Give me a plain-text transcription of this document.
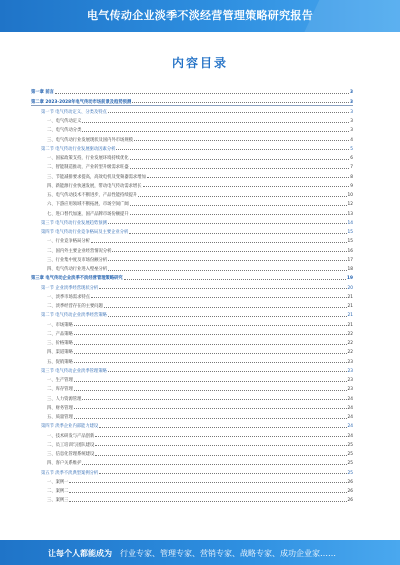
电气传动企业淡季不淡经营管理策略研究报告
内容目录
第一章 前言	3
第二章 2023-2028年电气传动市场前景及趋势预测	3
第一节 电气传动定义、分类及特点	3
一、电气传动定义	3
二、电气传动分类	3
三、电气传动行业发展现状及国内外市场规模	4
第二节 电气传动行业发展驱动因素分析	5
一、国家政策支持，行业发展环境持续优化	6
二、智能制造推动，产业转型升级需求旺盛	7
三、节能减排要求提高，高效电机及变频器需求增加	8
四、新能源行业快速发展，带动电气传动需求增长	9
五、电气传动技术不断进步，产品性能持续提升	10
六、下游应用领域不断拓展，市场空间广阔	12
七、进口替代加速，国产品牌市场份额提升	13
第三节 电气传动行业发展趋势预测	14
第四节 电气传动行业竞争格局及主要企业分析	15
一、行业竞争格局分析	15
二、国内外主要企业经营情况分析	16
三、行业集中度及市场份额分析	17
四、电气传动行业进入壁垒分析	18
第三章 电气传动企业淡季不淡经营管理策略研究	19
第一节 企业淡季经营现状分析	20
一、淡季市场需求特点	21
二、淡季经营存在的主要问题	21
第二节 电气传动企业淡季经营策略	21
一、市场策略	21
二、产品策略	22
三、价格策略	22
四、渠道策略	22
五、促销策略	23
第三节 电气传动企业淡季管理策略	23
一、生产管理	23
二、库存管理	23
三、人力资源管理	24
四、财务管理	24
五、质量管理	24
第四节 淡季企业内部能力建设	24
一、技术研发与产品创新	24
二、员工培训与团队建设	25
三、信息化管理系统建设	25
四、客户关系维护	25
第五节 淡季不淡典型案例分析	25
一、案例一	26
二、案例二	26
三、案例三	26
让每个人都能成为 行业专家、管理专家、营销专家、战略专家、成功企业家……
